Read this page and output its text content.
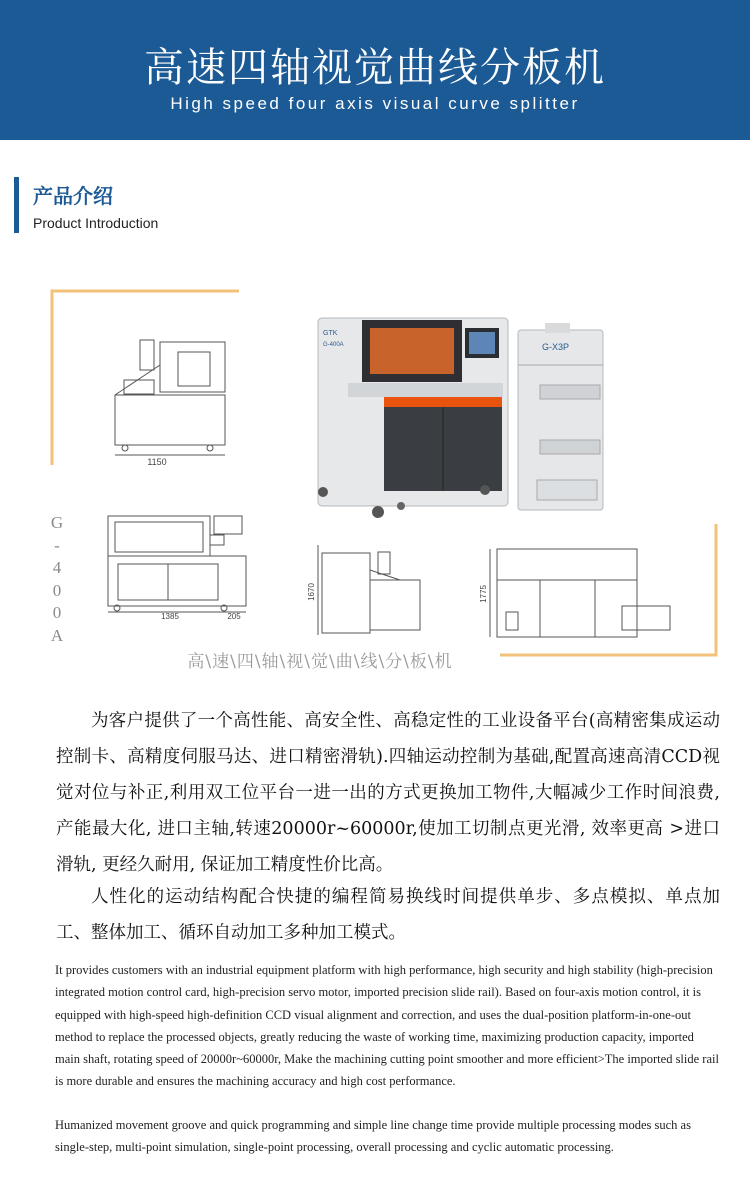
高速四轴视觉曲线分板机
High speed four axis visual curve splitter
产品介绍
Product Introduction
1150
1385	205
1670	1775
GTK
G-400A	G-X3P
G
-
4
0
0
A
高\速\四\轴\视\觉\曲\线\分\板\机

为客户提供了一个高性能、高安全性、高稳定性的工业设备平台(高精密集成运动控制卡、高精度伺服马达、进口精密滑轨).四轴运动控制为基础,配置高速高清CCD视觉对位与补正,利用双工位平台一进一出的方式更换加工物件,大幅减少工作时间浪费,产能最大化, 进口主轴,转速20000r~60000r,使加工切制点更光滑, 效率更高 >进口滑轨, 更经久耐用, 保证加工精度性价比高。

人性化的运动结构配合快捷的编程简易换线时间提供单步、多点模拟、单点加工、整体加工、循环自动加工多种加工模式。

It provides customers with an industrial equipment platform with high performance, high security and high stability (high-precision integrated motion control card, high-precision servo motor, imported precision slide rail). Based on four-axis motion control, it is equipped with high-speed high-definition CCD visual alignment and correction, and uses the dual-position platform-in-one-out method to replace the processed objects, greatly reducing the waste of working time, maximizing production capacity, imported main shaft, rotating speed of 20000r~60000r, Make the machining cutting point smoother and more efficient>The imported slide rail is more durable and ensures the machining accuracy and high cost performance.

Humanized movement groove and quick programming and simple line change time provide multiple processing modes such as single-step, multi-point simulation, single-point processing, overall processing and cyclic automatic processing.
